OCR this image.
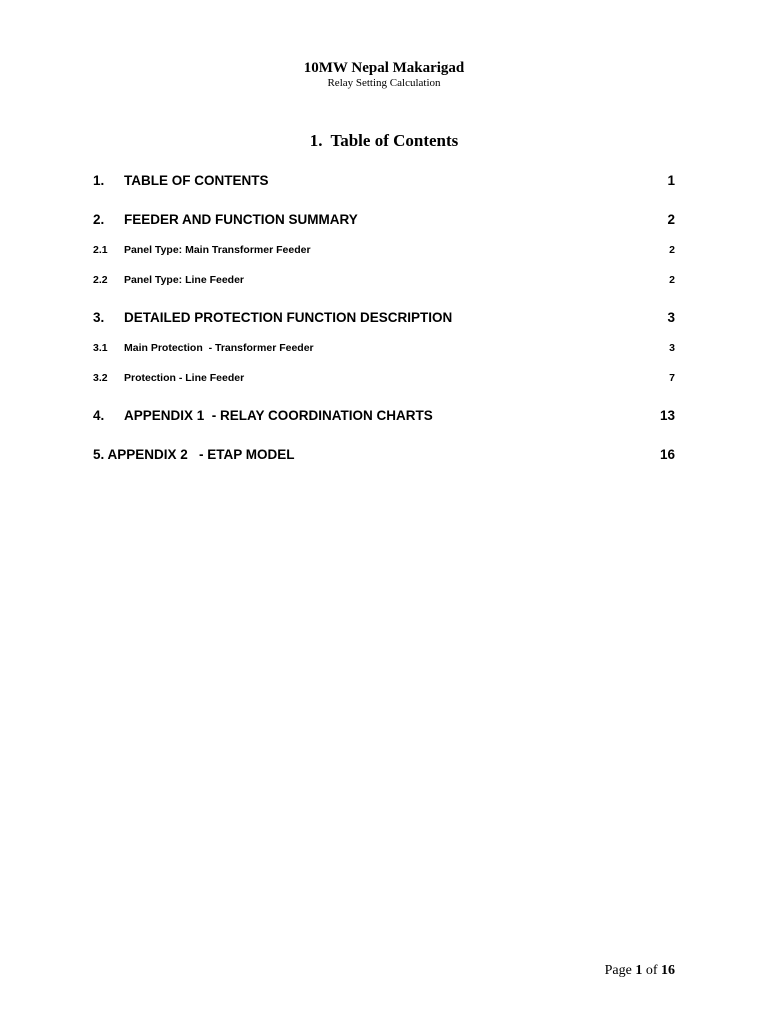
10MW Nepal Makarigad
Relay Setting Calculation
1. Table of Contents
1.	TABLE OF CONTENTS	1
2.	FEEDER AND FUNCTION SUMMARY	2
2.1	Panel Type: Main Transformer Feeder	2
2.2	Panel Type: Line Feeder	2
3.	DETAILED PROTECTION FUNCTION DESCRIPTION	3
3.1	Main Protection  - Transformer Feeder	3
3.2	Protection - Line Feeder	7
4.	APPENDIX 1  - RELAY COORDINATION CHARTS	13
5. APPENDIX 2   - ETAP MODEL	16
Page 1 of 16
